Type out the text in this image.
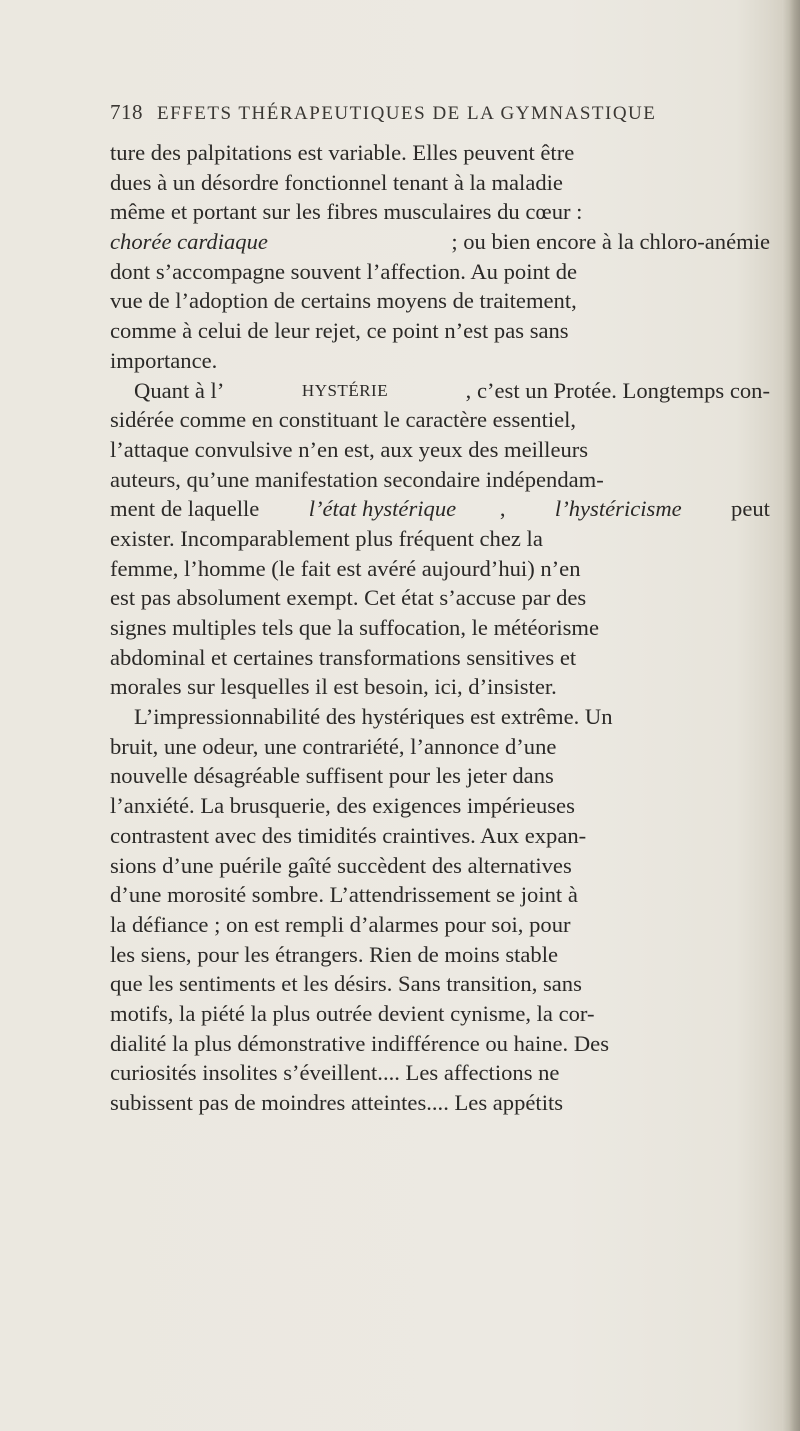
718 EFFETS THÉRAPEUTIQUES DE LA GYMNASTIQUE
ture des palpitations est variable. Elles peuvent être
dues à un désordre fonctionnel tenant à la maladie
même et portant sur les fibres musculaires du cœur :
chorée cardiaque	; ou bien encore à la chloro-anémie
dont s’accompagne souvent l’affection. Au point de
vue de l’adoption de certains moyens de traitement,
comme à celui de leur rejet, ce point n’est pas sans
importance.
Quant à l’	HYSTÉRIE	, c’est un Protée. Longtemps con-
sidérée comme en constituant le caractère essentiel,
l’attaque convulsive n’en est, aux yeux des meilleurs
auteurs, qu’une manifestation secondaire indépendam-
ment de laquelle l’état hystérique , l’hystéricisme peut
exister. Incomparablement plus fréquent chez la
femme, l’homme (le fait est avéré aujourd’hui) n’en
est pas absolument exempt. Cet état s’accuse par des
signes multiples tels que la suffocation, le météorisme
abdominal et certaines transformations sensitives et
morales sur lesquelles il est besoin, ici, d’insister.
L’impressionnabilité des hystériques est extrême. Un
bruit, une odeur, une contrariété, l’annonce d’une
nouvelle désagréable suffisent pour les jeter dans
l’anxiété. La brusquerie, des exigences impérieuses
contrastent avec des timidités craintives. Aux expan-
sions d’une puérile gaîté succèdent des alternatives
d’une morosité sombre. L’attendrissement se joint à
la défiance ; on est rempli d’alarmes pour soi, pour
les siens, pour les étrangers. Rien de moins stable
que les sentiments et les désirs. Sans transition, sans
motifs, la piété la plus outrée devient cynisme, la cor-
dialité la plus démonstrative indifférence ou haine. Des
curiosités insolites s’éveillent.... Les affections ne
subissent pas de moindres atteintes.... Les appétits
